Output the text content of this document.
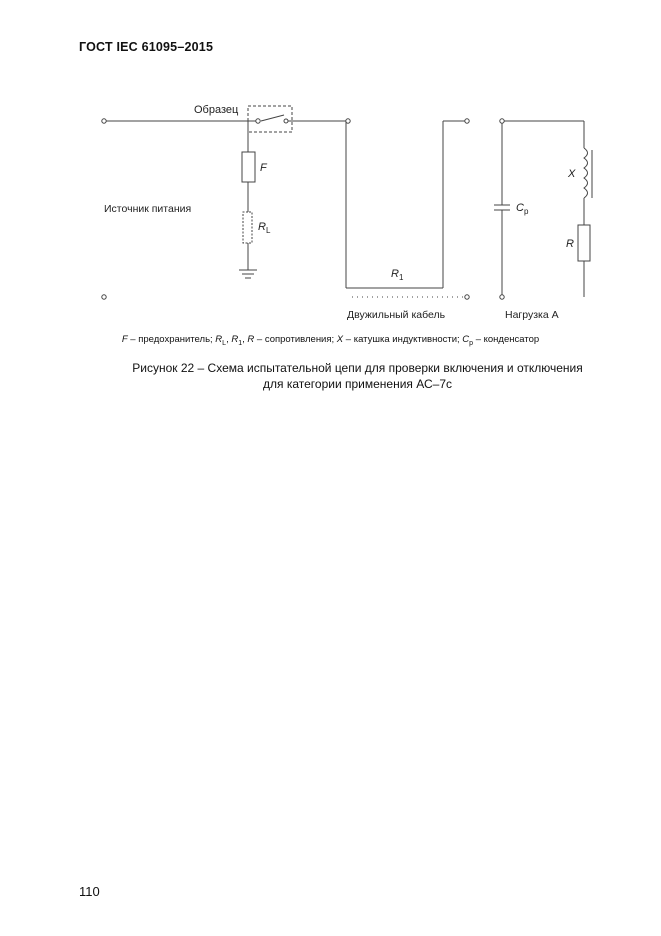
ГОСТ IEC 61095–2015
Образец
Источник питания
F
$R_L$
$R_1$
Двужильный кабель
$C_p$
X
R
Нагрузка А
F – предохранитель; $R_L$, $R_1$, R – сопротивления; X – катушка индуктивности; $C_p$ – конденсатор
Рисунок 22 – Схема испытательной цепи для проверки включения и отключения
для категории применения АС–7с
110
